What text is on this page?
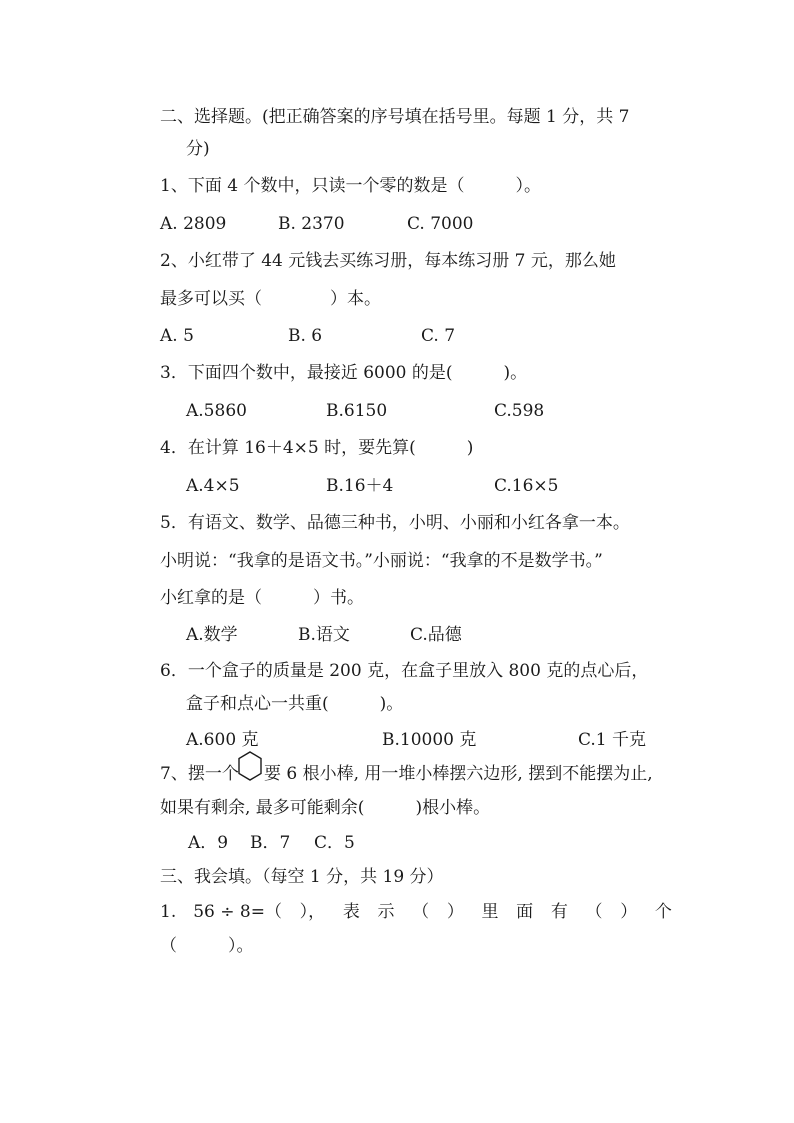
二、选择题。(把正确答案的序号填在括号里。每题 1 分，共 7
分)
1、下面 4 个数中，只读一个零的数是（　　　）。
A. 2809	B. 2370	C. 7000
2、小红带了 44 元钱去买练习册，每本练习册 7 元，那么她
最多可以买（　　　　）本。
A. 5	B. 6	C. 7
3．下面四个数中，最接近 6000 的是(　　　)。
A.5860	B.6150	C.598
4．在计算 16＋4×5 时，要先算(　　　)
A.4×5	B.16＋4	C.16×5
5．有语文、数学、品德三种书，小明、小丽和小红各拿一本。
小明说：“我拿的是语文书。”小丽说：“我拿的不是数学书。”
小红拿的是（　　　）书。
A.数学	B.语文	C.品德
6．一个盒子的质量是 200 克，在盒子里放入 800 克的点心后，
盒子和点心一共重(　　　)。
A.600 克	B.10000 克	C.1 千克
7、摆一个 要 6 根小棒, 用一堆小棒摆六边形, 摆到不能摆为止,
如果有剩余, 最多可能剩余(　　　)根小棒。
A．9 B．7 C．5
三、我会填。（每空 1 分，共 19 分）
1.　56 ÷ 8=（ ）， 表 示 （ ） 里 面 有 （ ） 个
（　　　）。
